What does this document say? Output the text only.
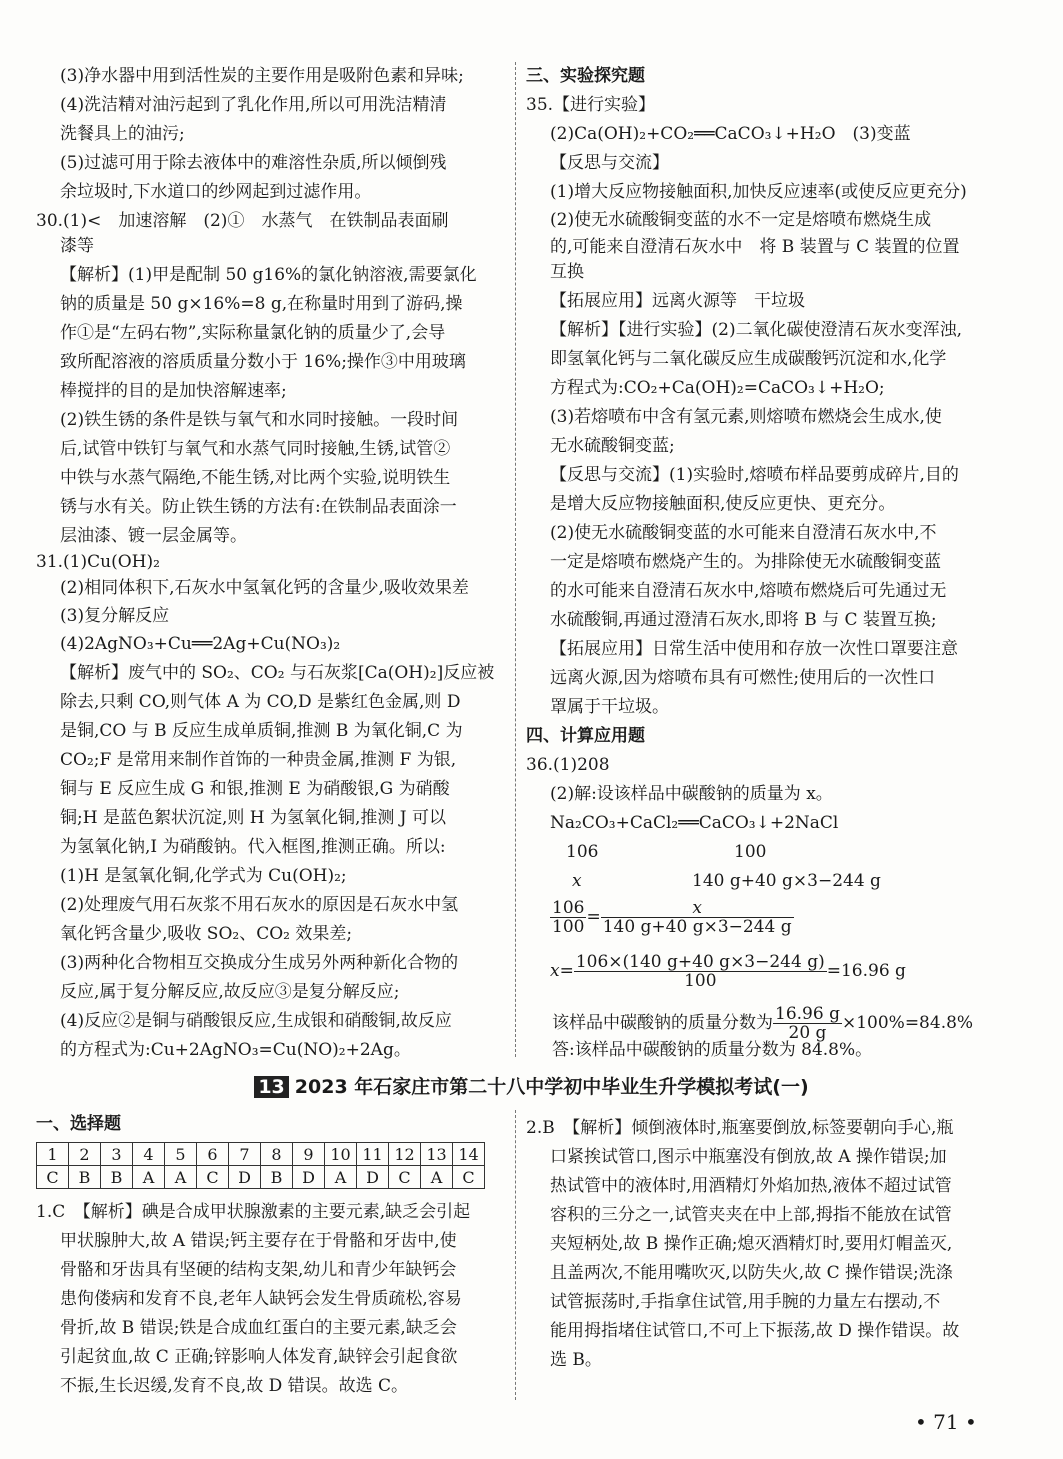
(3)净水器中用到活性炭的主要作用是吸附色素和异味;
(4)洗洁精对油污起到了乳化作用,所以可用洗洁精清
洗餐具上的油污;
(5)过滤可用于除去液体中的难溶性杂质,所以倾倒残
余垃圾时,下水道口的纱网起到过滤作用。
30.(1)<　加速溶解　(2)①　水蒸气　在铁制品表面刷
漆等
【解析】(1)甲是配制 50 g16%的氯化钠溶液,需要氯化
钠的质量是 50 g×16%=8 g,在称量时用到了游码,操
作①是“左码右物”,实际称量氯化钠的质量少了,会导
致所配溶液的溶质质量分数小于 16%;操作③中用玻璃
棒搅拌的目的是加快溶解速率;
(2)铁生锈的条件是铁与氧气和水同时接触。一段时间
后,试管中铁钉与氧气和水蒸气同时接触,生锈,试管②
中铁与水蒸气隔绝,不能生锈,对比两个实验,说明铁生
锈与水有关。防止铁生锈的方法有:在铁制品表面涂一
层油漆、镀一层金属等。
31.(1)Cu(OH)₂
(2)相同体积下,石灰水中氢氧化钙的含量少,吸收效果差
(3)复分解反应
(4)2AgNO₃+Cu══2Ag+Cu(NO₃)₂
【解析】废气中的 SO₂、CO₂ 与石灰浆[Ca(OH)₂]反应被
除去,只剩 CO,则气体 A 为 CO,D 是紫红色金属,则 D
是铜,CO 与 B 反应生成单质铜,推测 B 为氧化铜,C 为
CO₂;F 是常用来制作首饰的一种贵金属,推测 F 为银,
铜与 E 反应生成 G 和银,推测 E 为硝酸银,G 为硝酸
铜;H 是蓝色絮状沉淀,则 H 为氢氧化铜,推测 J 可以
为氢氧化钠,I 为硝酸钠。代入框图,推测正确。所以:
(1)H 是氢氧化铜,化学式为 Cu(OH)₂;
(2)处理废气用石灰浆不用石灰水的原因是石灰水中氢
氧化钙含量少,吸收 SO₂、CO₂ 效果差;
(3)两种化合物相互交换成分生成另外两种新化合物的
反应,属于复分解反应,故反应③是复分解反应;
(4)反应②是铜与硝酸银反应,生成银和硝酸铜,故反应
的方程式为:Cu+2AgNO₃=Cu(NO)₂+2Ag。
三、实验探究题
35.【进行实验】
(2)Ca(OH)₂+CO₂══CaCO₃↓+H₂O　(3)变蓝
【反思与交流】
(1)增大反应物接触面积,加快反应速率(或使反应更充分)
(2)使无水硫酸铜变蓝的水不一定是熔喷布燃烧生成
的,可能来自澄清石灰水中　将 B 装置与 C 装置的位置
互换
【拓展应用】远离火源等　干垃圾
【解析】【进行实验】(2)二氧化碳使澄清石灰水变浑浊,
即氢氧化钙与二氧化碳反应生成碳酸钙沉淀和水,化学
方程式为:CO₂+Ca(OH)₂=CaCO₃↓+H₂O;
(3)若熔喷布中含有氢元素,则熔喷布燃烧会生成水,使
无水硫酸铜变蓝;
【反思与交流】(1)实验时,熔喷布样品要剪成碎片,目的
是增大反应物接触面积,使反应更快、更充分。
(2)使无水硫酸铜变蓝的水可能来自澄清石灰水中,不
一定是熔喷布燃烧产生的。为排除使无水硫酸铜变蓝
的水可能来自澄清石灰水中,熔喷布燃烧后可先通过无
水硫酸铜,再通过澄清石灰水,即将 B 与 C 装置互换;
【拓展应用】日常生活中使用和存放一次性口罩要注意
远离火源,因为熔喷布具有可燃性;使用后的一次性口
罩属于干垃圾。
四、计算应用题
36.(1)208
(2)解:设该样品中碳酸钠的质量为 x。
Na₂CO₃+CaCl₂══CaCO₃↓+2NaCl
106	100
x	140 g+40 g×3−244 g
$\frac{106}{100} = \frac{x}{140 g+40 g\times 3-244 g}$
$x= \frac{106\times(140 g+40 g\times 3-244 g)}{100} =16.96$ g
该样品中碳酸钠的质量分数为 $\frac{16.96 g}{20 g} \times 100\%=84.8\%$
答:该样品中碳酸钠的质量分数为 84.8%。
13 2023 年石家庄市第二十八中学初中毕业生升学模拟考试(一)
一、选择题
1	2	3	4	5	6	7	8	9	10	11	12	13	14
C	B	B	A	A	C	D	B	D	A	D	C	A	C
1.C　【解析】碘是合成甲状腺激素的主要元素,缺乏会引起
甲状腺肿大,故 A 错误;钙主要存在于骨骼和牙齿中,使
骨骼和牙齿具有坚硬的结构支架,幼儿和青少年缺钙会
患佝偻病和发育不良,老年人缺钙会发生骨质疏松,容易
骨折,故 B 错误;铁是合成血红蛋白的主要元素,缺乏会
引起贫血,故 C 正确;锌影响人体发育,缺锌会引起食欲
不振,生长迟缓,发育不良,故 D 错误。故选 C。
2.B　【解析】倾倒液体时,瓶塞要倒放,标签要朝向手心,瓶
口紧挨试管口,图示中瓶塞没有倒放,故 A 操作错误;加
热试管中的液体时,用酒精灯外焰加热,液体不超过试管
容积的三分之一,试管夹夹在中上部,拇指不能放在试管
夹短柄处,故 B 操作正确;熄灭酒精灯时,要用灯帽盖灭,
且盖两次,不能用嘴吹灭,以防失火,故 C 操作错误;洗涤
试管振荡时,手指拿住试管,用手腕的力量左右摆动,不
能用拇指堵住试管口,不可上下振荡,故 D 操作错误。故
选 B。
• 71 •
